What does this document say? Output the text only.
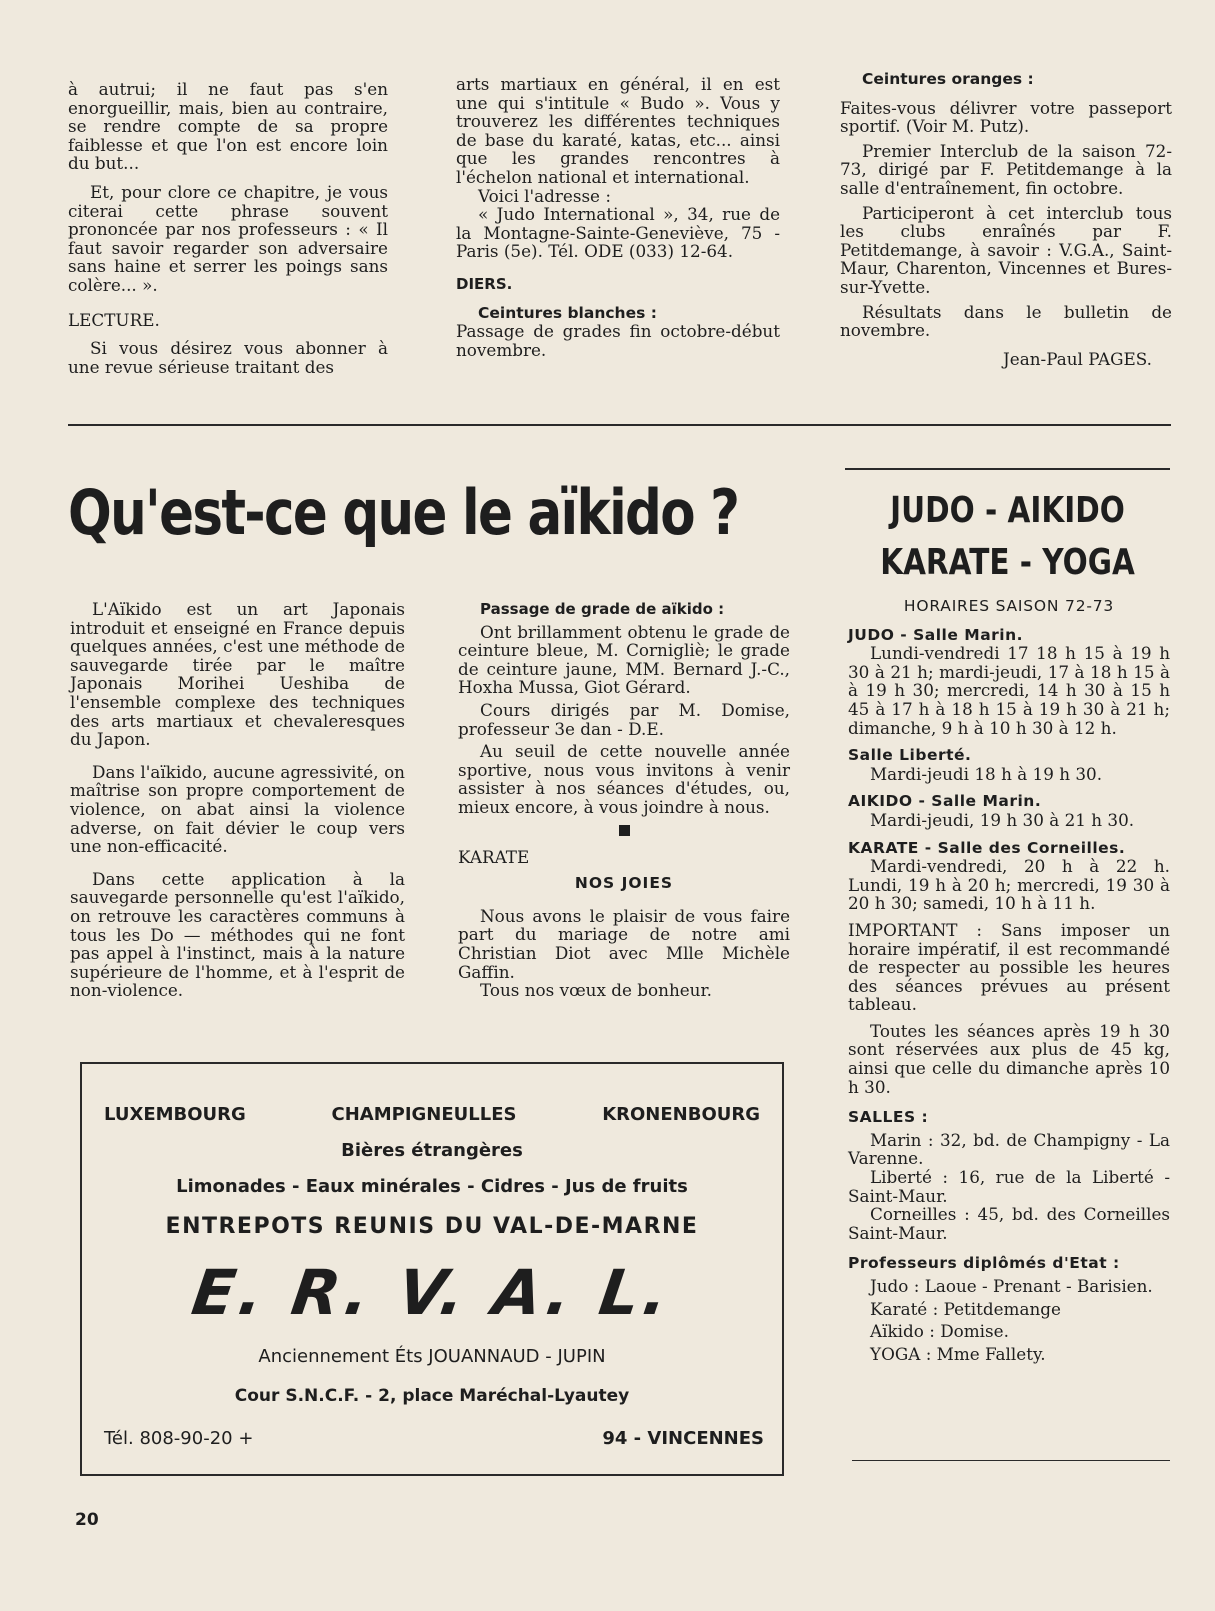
à autrui; il ne faut pas s'en enorgueillir, mais, bien au contraire, se rendre compte de sa propre faiblesse et que l'on est encore loin du but...

Et, pour clore ce chapitre, je vous citerai cette phrase souvent prononcée par nos professeurs : « Il faut savoir regarder son adversaire sans haine et serrer les poings sans colère... ».

LECTURE.

Si vous désirez vous abonner à une revue sérieuse traitant des

arts martiaux en général, il en est une qui s'intitule « Budo ». Vous y trouverez les différentes techniques de base du karaté, katas, etc... ainsi que les grandes rencontres à l'échelon national et international.

Voici l'adresse :

« Judo International », 34, rue de la Montagne-Sainte-Geneviève, 75 - Paris (5e). Tél. ODE (033) 12-64.

DIERS.

Ceintures blanches :

Passage de grades fin octobre-début novembre.

Ceintures oranges :

Faites-vous délivrer votre passeport sportif. (Voir M. Putz).

Premier Interclub de la saison 72-73, dirigé par F. Petitdemange à la salle d'entraînement, fin octobre.

Participeront à cet interclub tous les clubs enraînés par F. Petitdemange, à savoir : V.G.A., Saint-Maur, Charenton, Vincennes et Bures-sur-Yvette.

Résultats dans le bulletin de novembre.

Jean-Paul PAGES.

Qu'est-ce que le aïkido ?

L'Aïkido est un art Japonais introduit et enseigné en France depuis quelques années, c'est une méthode de sauvegarde tirée par le maître Japonais Morihei Ueshiba de l'ensemble complexe des techniques des arts martiaux et chevaleresques du Japon.

Dans l'aïkido, aucune agressivité, on maîtrise son propre comportement de violence, on abat ainsi la violence adverse, on fait dévier le coup vers une non-efficacité.

Dans cette application à la sauvegarde personnelle qu'est l'aïkido, on retrouve les caractères communs à tous les Do — méthodes qui ne font pas appel à l'instinct, mais à la nature supérieure de l'homme, et à l'esprit de non-violence.

Passage de grade de aïkido :

Ont brillamment obtenu le grade de ceinture bleue, M. Cornigliè; le grade de ceinture jaune, MM. Bernard J.-C., Hoxha Mussa, Giot Gérard.

Cours dirigés par M. Domise, professeur 3e dan - D.E.

Au seuil de cette nouvelle année sportive, nous vous invitons à venir assister à nos séances d'études, ou, mieux encore, à vous joindre à nous.

KARATE

NOS JOIES

Nous avons le plaisir de vous faire part du mariage de notre ami Christian Diot avec Mlle Michèle Gaffin.

Tous nos vœux de bonheur.

LUXEMBOURG	CHAMPIGNEULLES	KRONENBOURG
Bières étrangères
Limonades - Eaux minérales - Cidres - Jus de fruits
ENTREPOTS REUNIS DU VAL-DE-MARNE
E. R. V. A. L.
Anciennement Éts JOUANNAUD - JUPIN
Cour S.N.C.F. - 2, place Maréchal-Lyautey
Tél. 808-90-20 +	94 - VINCENNES
JUDO - AIKIDO
KARATE - YOGA

HORAIRES SAISON 72-73

JUDO - Salle Marin.

Lundi-vendredi 17 18 h 15 à 19 h 30 à 21 h; mardi-jeudi, 17 à 18 h 15 à à 19 h 30; mercredi, 14 h 30 à 15 h 45 à 17 h à 18 h 15 à 19 h 30 à 21 h; dimanche, 9 h à 10 h 30 à 12 h.

Salle Liberté.

Mardi-jeudi 18 h à 19 h 30.

AIKIDO - Salle Marin.

Mardi-jeudi, 19 h 30 à 21 h 30.

KARATE - Salle des Corneilles.

Mardi-vendredi, 20 h à 22 h. Lundi, 19 h à 20 h; mercredi, 19 30 à 20 h 30; samedi, 10 h à 11 h.

IMPORTANT : Sans imposer un horaire impératif, il est recommandé de respecter au possible les heures des séances prévues au présent tableau.

Toutes les séances après 19 h 30 sont réservées aux plus de 45 kg, ainsi que celle du dimanche après 10 h 30.

SALLES :

Marin : 32, bd. de Champigny - La Varenne.

Liberté : 16, rue de la Liberté - Saint-Maur.

Corneilles : 45, bd. des Corneilles Saint-Maur.

Professeurs diplômés d'Etat :

Judo : Laoue - Prenant - Barisien.

Karaté : Petitdemange

Aïkido : Domise.

YOGA : Mme Fallety.

20
